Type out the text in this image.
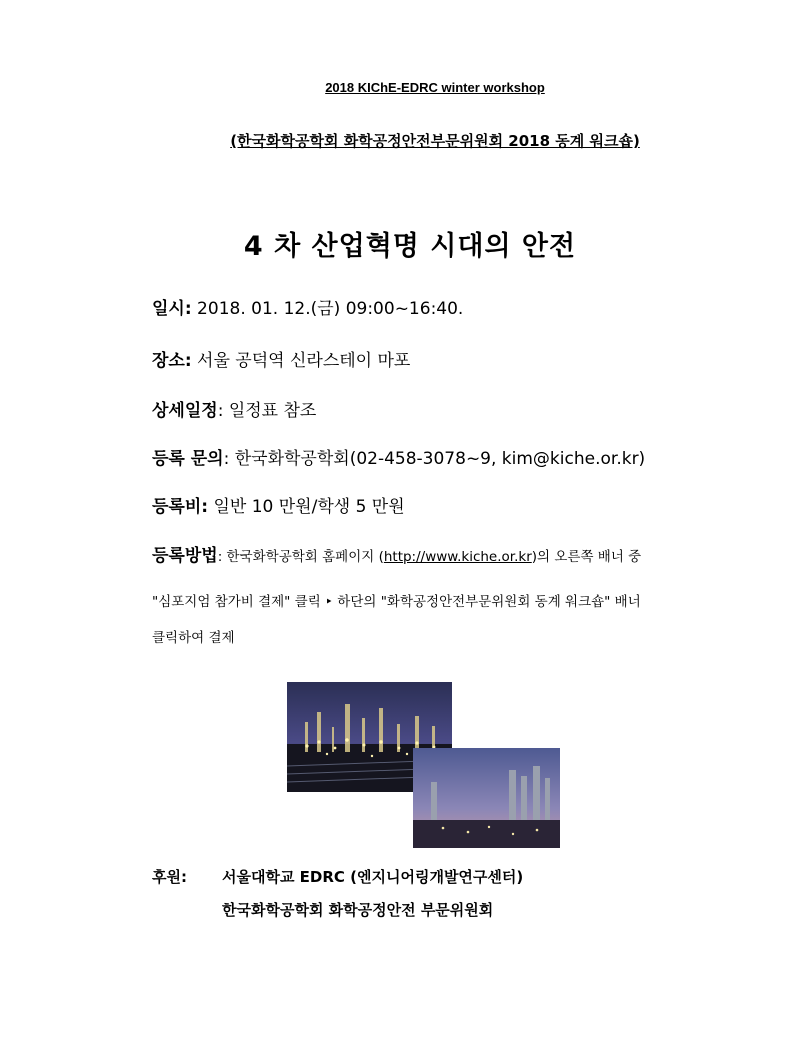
2018 KIChE-EDRC winter workshop
(한국화학공학회 화학공정안전부문위원회 2018 동계 워크숍)
4 차 산업혁명 시대의 안전
일시: 2018. 01. 12.(금) 09:00~16:40.
장소: 서울 공덕역 신라스테이 마포
상세일정: 일정표 참조
등록 문의: 한국화학공학회(02-458-3078~9, kim@kiche.or.kr)
등록비: 일반 10 만원/학생 5 만원
등록방법: 한국화학공학회 홈페이지 (http://www.kiche.or.kr)의 오른쪽 배너 중
"심포지엄 참가비 결제" 클릭 ‣ 하단의 "화학공정안전부문위원회 동계 워크숍" 배너
클릭하여 결제
후원: 서울대학교 EDRC (엔지니어링개발연구센터)
한국화학공학회 화학공정안전 부문위원회
